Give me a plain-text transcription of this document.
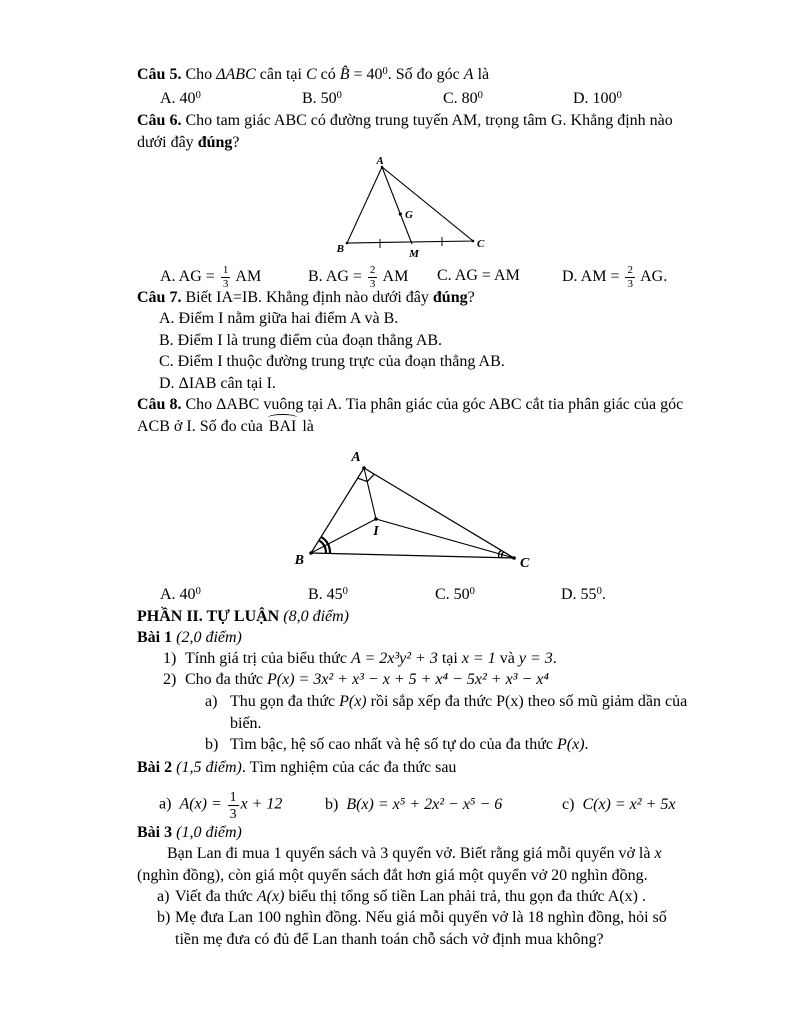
Câu 5. Cho ΔABC cân tại C có B̂ = $40^0$. Số đo góc A là
A. $40^0$	B. $50^0$	C. $80^0$	D. $100^0$
Câu 6. Cho tam giác ABC có đường trung tuyến AM, trọng tâm G. Khẳng định nào dưới đây đúng?
A
B	C
M
G
A. AG = $\frac{1}{3}$ AM	B. AG = $\frac{2}{3}$ AM	C. AG = AM	D. AM = $\frac{2}{3}$ AG.
Câu 7. Biết IA=IB. Khẳng định nào dưới đây đúng?
A. Điểm I nằm giữa hai điểm A và B.
B. Điểm I là trung điểm của đoạn thẳng AB.
C. Điểm I thuộc đường trung trực của đoạn thẳng AB.
D. ΔIAB cân tại I.
Câu 8. Cho ΔABC vuông tại A. Tia phân giác của góc ABC cắt tia phân giác của góc ACB ở I. Số đo của BAI là
A
B	C
I
A. $40^0$	B. $45^0$	C. $50^0$	D. $55^0$.
PHẦN II. TỰ LUẬN (8,0 điểm)
Bài 1 (2,0 điểm)
1) Tính giá trị của biểu thức A = 2x³y² + 3 tại x = 1 và y = 3.
2) Cho đa thức P(x) = 3x² + x³ − x + 5 + x⁴ − 5x² + x³ − x⁴
a) Thu gọn đa thức P(x) rồi sắp xếp đa thức P(x) theo số mũ giảm dần của biến.
b) Tìm bậc, hệ số cao nhất và hệ số tự do của đa thức P(x).
Bài 2 (1,5 điểm). Tìm nghiệm của các đa thức sau
a) $A(x) = \frac{1}{3}$ x + 12	b) B(x) = x⁵ + 2x² − x⁵ − 6	c) C(x) = x² + 5x
Bài 3 (1,0 điểm)
Bạn Lan đi mua 1 quyển sách và 3 quyển vở. Biết rằng giá mỗi quyển vở là x (nghìn đồng), còn giá một quyển sách đắt hơn giá một quyển vở 20 nghìn đồng.
a) Viết đa thức A(x) biểu thị tổng số tiền Lan phải trả, thu gọn đa thức A(x) .
b) Mẹ đưa Lan 100 nghìn đồng. Nếu giá mỗi quyển vở là 18 nghìn đồng, hỏi số tiền mẹ đưa có đủ để Lan thanh toán chỗ sách vở định mua không?
